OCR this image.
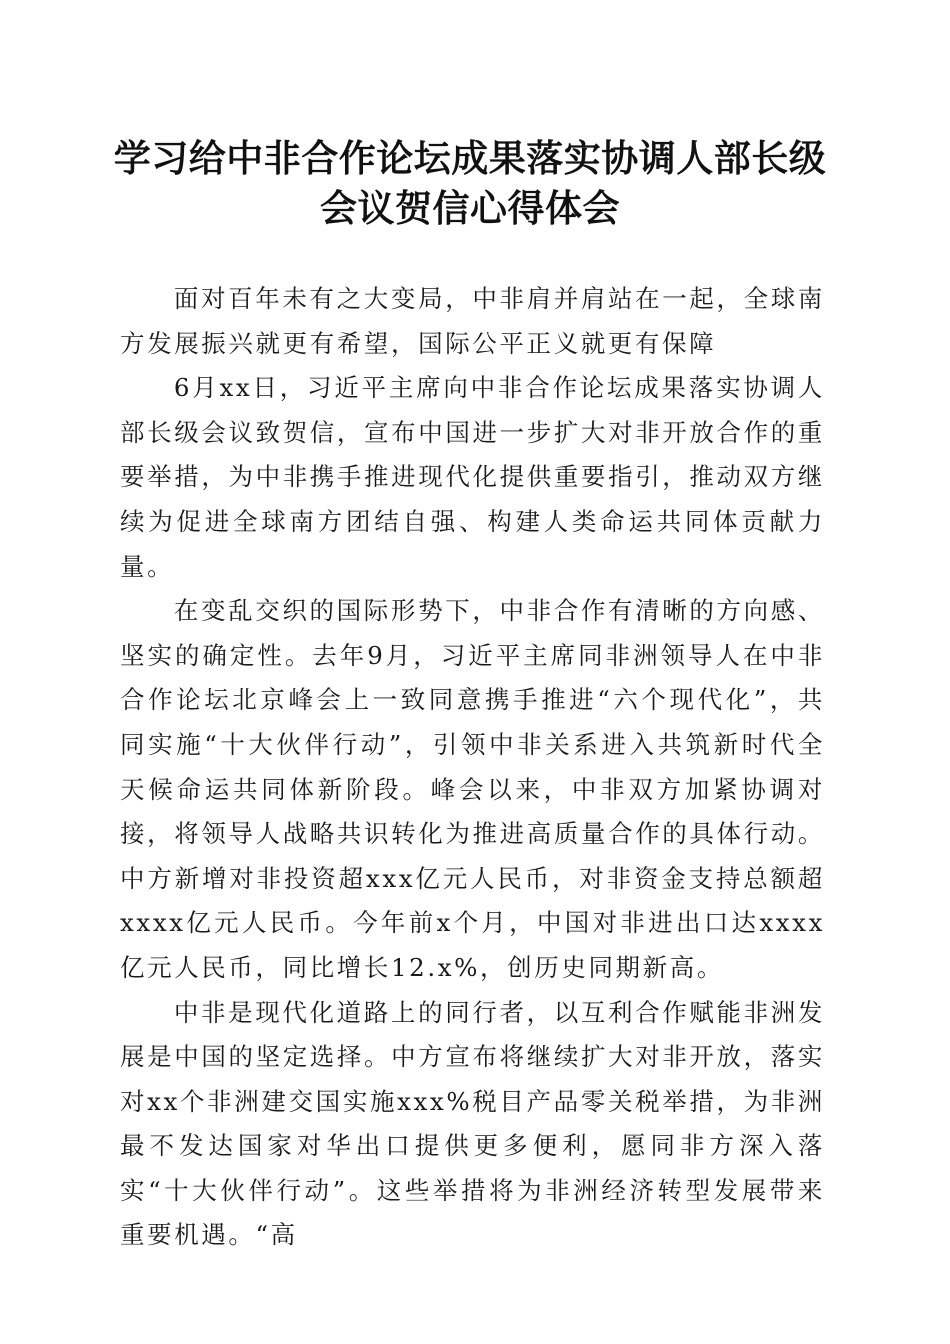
学习给中非合作论坛成果落实协调人部长级会议贺信心得体会

面对百年未有之大变局，中非肩并肩站在一起，全球南方发展振兴就更有希望，国际公平正义就更有保障

6月xx日，习近平主席向中非合作论坛成果落实协调人部长级会议致贺信，宣布中国进一步扩大对非开放合作的重要举措，为中非携手推进现代化提供重要指引，推动双方继续为促进全球南方团结自强、构建人类命运共同体贡献力量。

在变乱交织的国际形势下，中非合作有清晰的方向感、坚实的确定性。去年9月，习近平主席同非洲领导人在中非合作论坛北京峰会上一致同意携手推进“六个现代化”，共同实施“十大伙伴行动”，引领中非关系进入共筑新时代全天候命运共同体新阶段。峰会以来，中非双方加紧协调对接，将领导人战略共识转化为推进高质量合作的具体行动。中方新增对非投资超xxx亿元人民币，对非资金支持总额超xxxx亿元人民币。今年前x个月，中国对非进出口达xxxx亿元人民币，同比增长12.x%，创历史同期新高。

中非是现代化道路上的同行者，以互利合作赋能非洲发展是中国的坚定选择。中方宣布将继续扩大对非开放，落实对xx个非洲建交国实施xxx%税目产品零关税举措，为非洲最不发达国家对华出口提供更多便利，愿同非方深入落实“十大伙伴行动”。这些举措将为非洲经济转型发展带来重要机遇。“高
